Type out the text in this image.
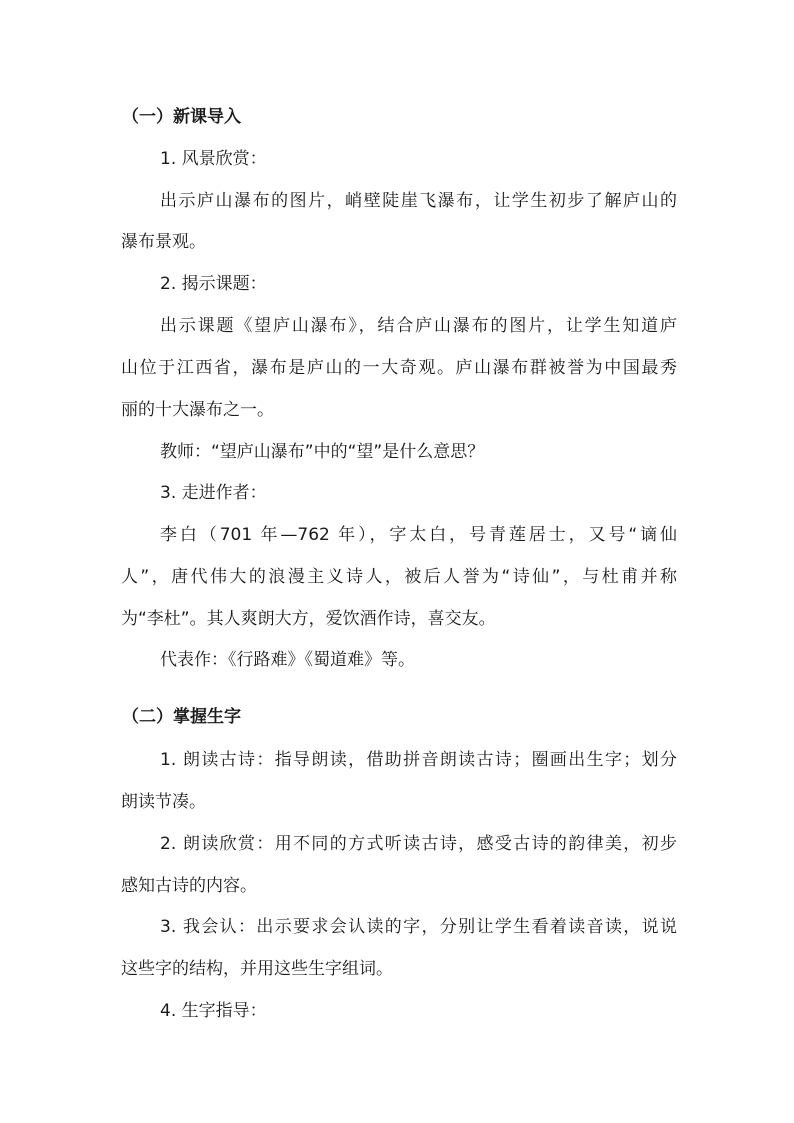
（一）新课导入

1. 风景欣赏：

出示庐山瀑布的图片，峭壁陡崖飞瀑布，让学生初步了解庐山的

瀑布景观。

2. 揭示课题：

出示课题《望庐山瀑布》，结合庐山瀑布的图片，让学生知道庐

山位于江西省，瀑布是庐山的一大奇观。庐山瀑布群被誉为中国最秀

丽的十大瀑布之一。

教师：“望庐山瀑布”中的“望”是什么意思？

3. 走进作者：

李白（701 年—762 年），字太白，号青莲居士，又号“谪仙

人”，唐代伟大的浪漫主义诗人，被后人誉为“诗仙”，与杜甫并称

为“李杜”。其人爽朗大方，爱饮酒作诗，喜交友。

代表作：《行路难》《蜀道难》等。

（二）掌握生字

1. 朗读古诗：指导朗读，借助拼音朗读古诗；圈画出生字；划分

朗读节凑。

2. 朗读欣赏：用不同的方式听读古诗，感受古诗的韵律美，初步

感知古诗的内容。

3. 我会认：出示要求会认读的字，分别让学生看着读音读，说说

这些字的结构，并用这些生字组词。

4. 生字指导：
